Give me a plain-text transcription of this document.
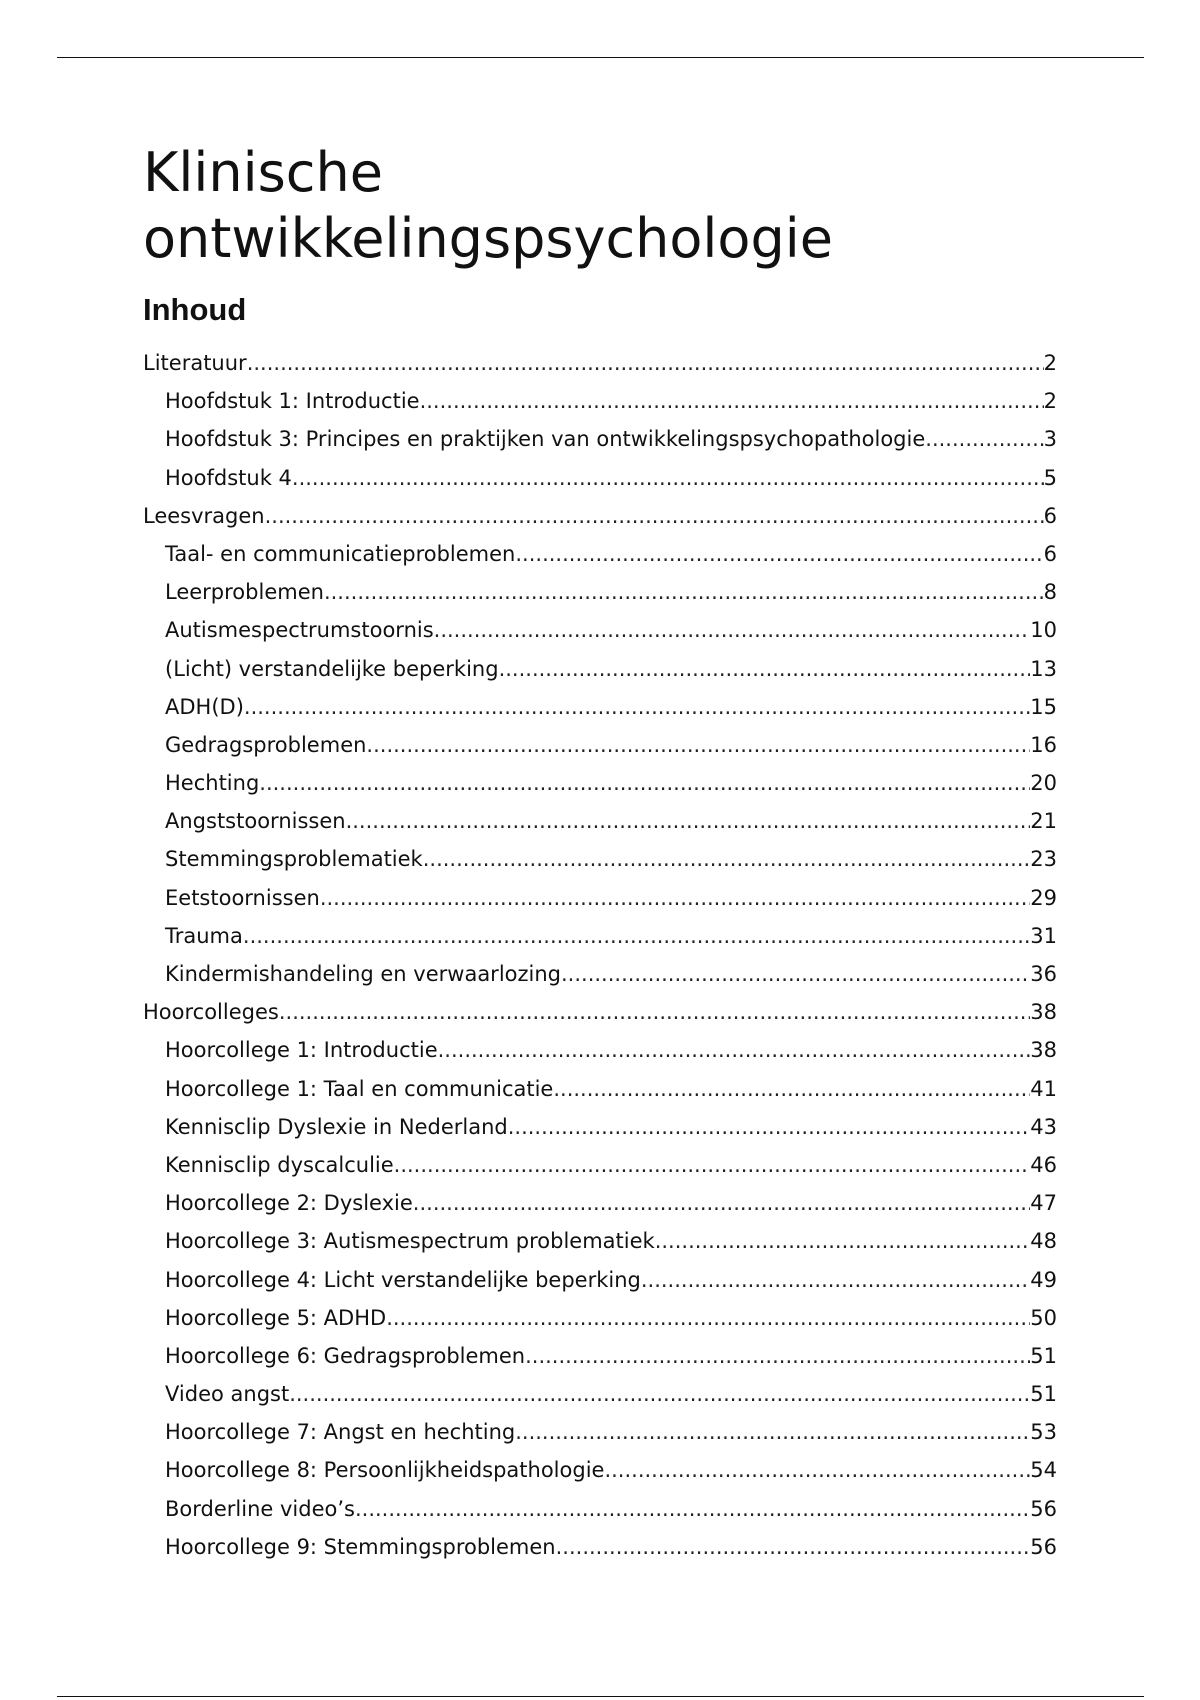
Klinische
ontwikkelingspsychologie
Inhoud
Literatuur .....	2
Hoofdstuk 1: Introductie .....	2
Hoofdstuk 3: Principes en praktijken van ontwikkelingspsychopathologie .....	3
Hoofdstuk 4 .....	5
Leesvragen .....	6
Taal- en communicatieproblemen .....	6
Leerproblemen .....	8
Autismespectrumstoornis .....	10
(Licht) verstandelijke beperking .....	13
ADH(D) .....	15
Gedragsproblemen .....	16
Hechting .....	20
Angststoornissen .....	21
Stemmingsproblematiek .....	23
Eetstoornissen .....	29
Trauma .....	31
Kindermishandeling en verwaarlozing .....	36
Hoorcolleges .....	38
Hoorcollege 1: Introductie .....	38
Hoorcollege 1: Taal en communicatie .....	41
Kennisclip Dyslexie in Nederland .....	43
Kennisclip dyscalculie .....	46
Hoorcollege 2: Dyslexie .....	47
Hoorcollege 3: Autismespectrum problematiek .....	48
Hoorcollege 4: Licht verstandelijke beperking .....	49
Hoorcollege 5: ADHD .....	50
Hoorcollege 6: Gedragsproblemen .....	51
Video angst .....	51
Hoorcollege 7: Angst en hechting .....	53
Hoorcollege 8: Persoonlijkheidspathologie .....	54
Borderline video’s .....	56
Hoorcollege 9: Stemmingsproblemen .....	56
